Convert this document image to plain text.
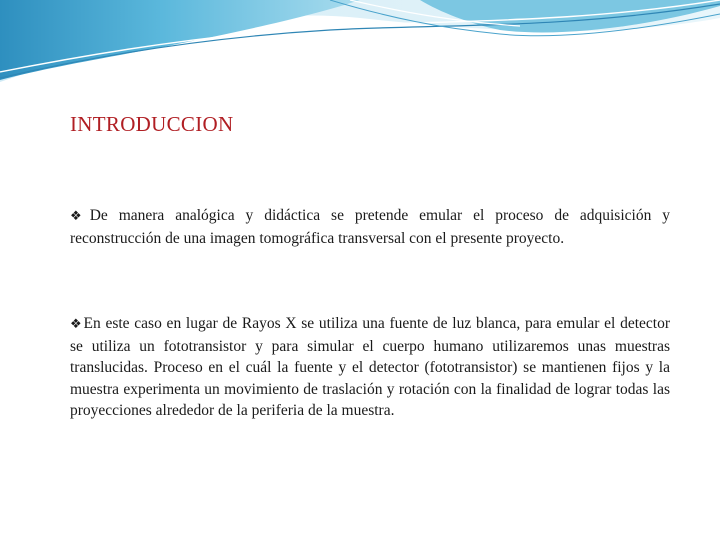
INTRODUCCION

❖De manera analógica y didáctica se pretende emular el proceso de adquisición y reconstrucción de una imagen tomográfica transversal con el presente proyecto.

❖En este caso en lugar de Rayos X se utiliza una fuente de luz blanca, para emular el detector se utiliza un fototransistor y para simular el cuerpo humano utilizaremos unas muestras translucidas. Proceso en el cuál la fuente y el detector (fototransistor) se mantienen fijos y la muestra experimenta un movimiento de traslación y rotación con la finalidad de lograr todas las proyecciones alrededor de la periferia de la muestra.
